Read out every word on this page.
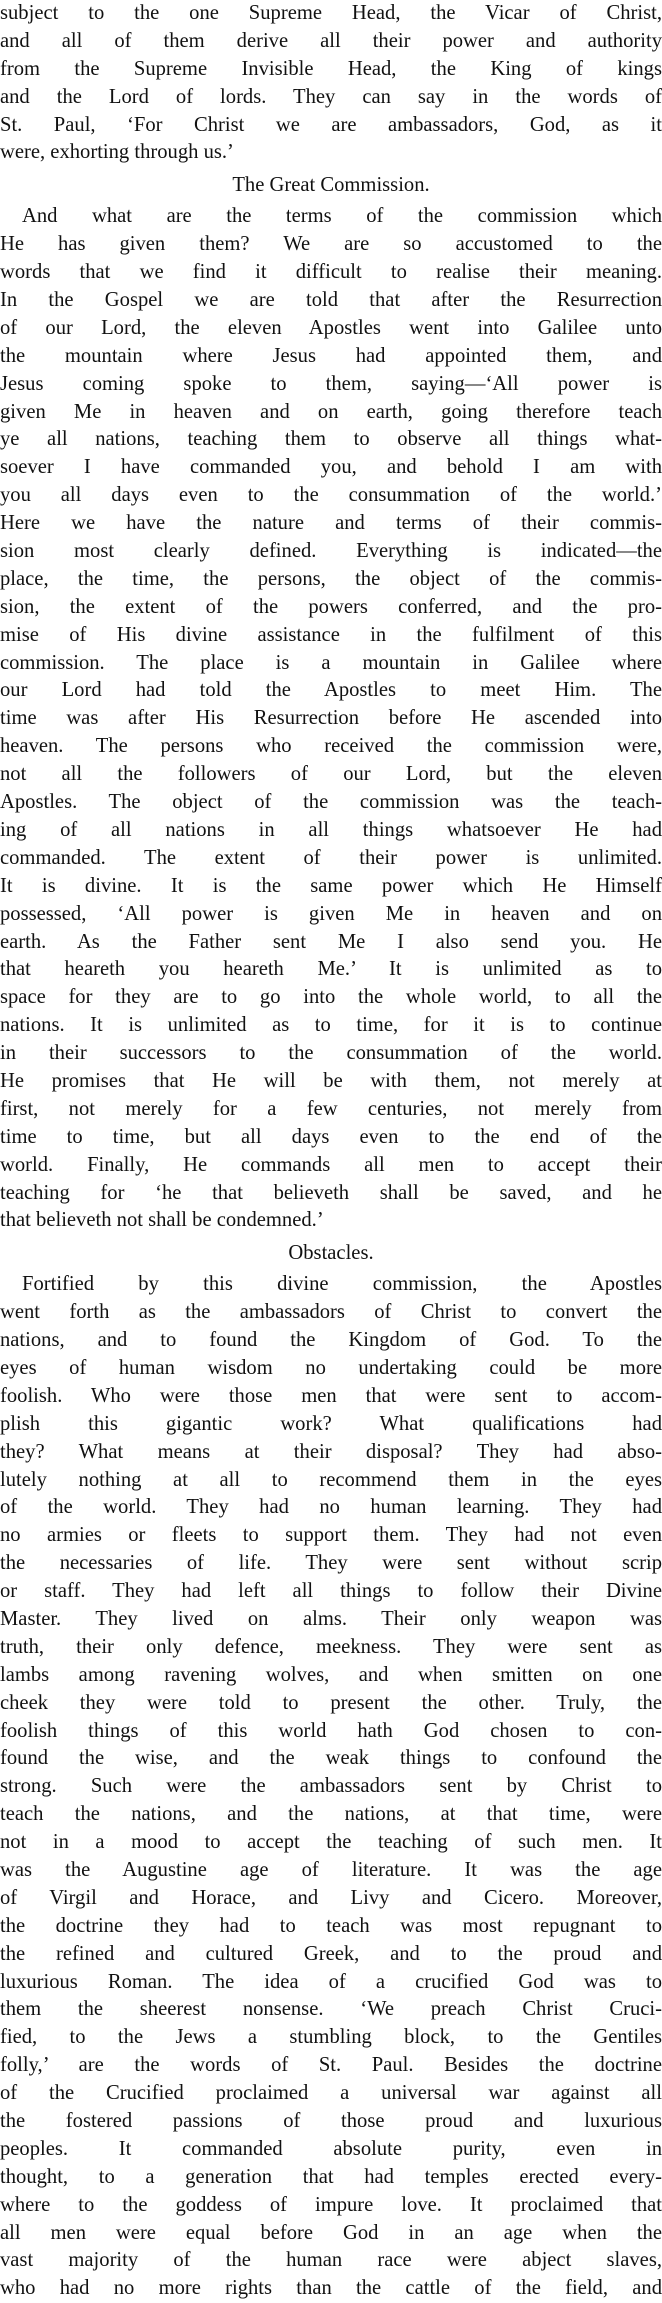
subject to the one Supreme Head, the Vicar of Christ,
and all of them derive all their power and authority
from the Supreme Invisible Head, the King of kings
and the Lord of lords. They can say in the words of
St. Paul, ‘For Christ we are ambassadors, God, as it
were, exhorting through us.’
The Great Commission.
And what are the terms of the commission which
He has given them? We are so accustomed to the
words that we find it difficult to realise their meaning.
In the Gospel we are told that after the Resurrection
of our Lord, the eleven Apostles went into Galilee unto
the mountain where Jesus had appointed them, and
Jesus coming spoke to them, saying—‘All power is
given Me in heaven and on earth, going therefore teach
ye all nations, teaching them to observe all things what-
soever I have commanded you, and behold I am with
you all days even to the consummation of the world.’
Here we have the nature and terms of their commis-
sion most clearly defined. Everything is indicated—the
place, the time, the persons, the object of the commis-
sion, the extent of the powers conferred, and the pro-
mise of His divine assistance in the fulfilment of this
commission. The place is a mountain in Galilee where
our Lord had told the Apostles to meet Him. The
time was after His Resurrection before He ascended into
heaven. The persons who received the commission were,
not all the followers of our Lord, but the eleven
Apostles. The object of the commission was the teach-
ing of all nations in all things whatsoever He had
commanded. The extent of their power is unlimited.
It is divine. It is the same power which He Himself
possessed, ‘All power is given Me in heaven and on
earth. As the Father sent Me I also send you. He
that heareth you heareth Me.’ It is unlimited as to
space for they are to go into the whole world, to all the
nations. It is unlimited as to time, for it is to continue
in their successors to the consummation of the world.
He promises that He will be with them, not merely at
first, not merely for a few centuries, not merely from
time to time, but all days even to the end of the
world. Finally, He commands all men to accept their
teaching for ‘he that believeth shall be saved, and he
that believeth not shall be condemned.’
Obstacles.
Fortified by this divine commission, the Apostles
went forth as the ambassadors of Christ to convert the
nations, and to found the Kingdom of God. To the
eyes of human wisdom no undertaking could be more
foolish. Who were those men that were sent to accom-
plish this gigantic work? What qualifications had
they? What means at their disposal? They had abso-
lutely nothing at all to recommend them in the eyes
of the world. They had no human learning. They had
no armies or fleets to support them. They had not even
the necessaries of life. They were sent without scrip
or staff. They had left all things to follow their Divine
Master. They lived on alms. Their only weapon was
truth, their only defence, meekness. They were sent as
lambs among ravening wolves, and when smitten on one
cheek they were told to present the other. Truly, the
foolish things of this world hath God chosen to con-
found the wise, and the weak things to confound the
strong. Such were the ambassadors sent by Christ to
teach the nations, and the nations, at that time, were
not in a mood to accept the teaching of such men. It
was the Augustine age of literature. It was the age
of Virgil and Horace, and Livy and Cicero. Moreover,
the doctrine they had to teach was most repugnant to
the refined and cultured Greek, and to the proud and
luxurious Roman. The idea of a crucified God was to
them the sheerest nonsense. ‘We preach Christ Cruci-
fied, to the Jews a stumbling block, to the Gentiles
folly,’ are the words of St. Paul. Besides the doctrine
of the Crucified proclaimed a universal war against all
the fostered passions of those proud and luxurious
peoples. It commanded absolute purity, even in
thought, to a generation that had temples erected every-
where to the goddess of impure love. It proclaimed that
all men were equal before God in an age when the
vast majority of the human race were abject slaves,
who had no more rights than the cattle of the field, and
